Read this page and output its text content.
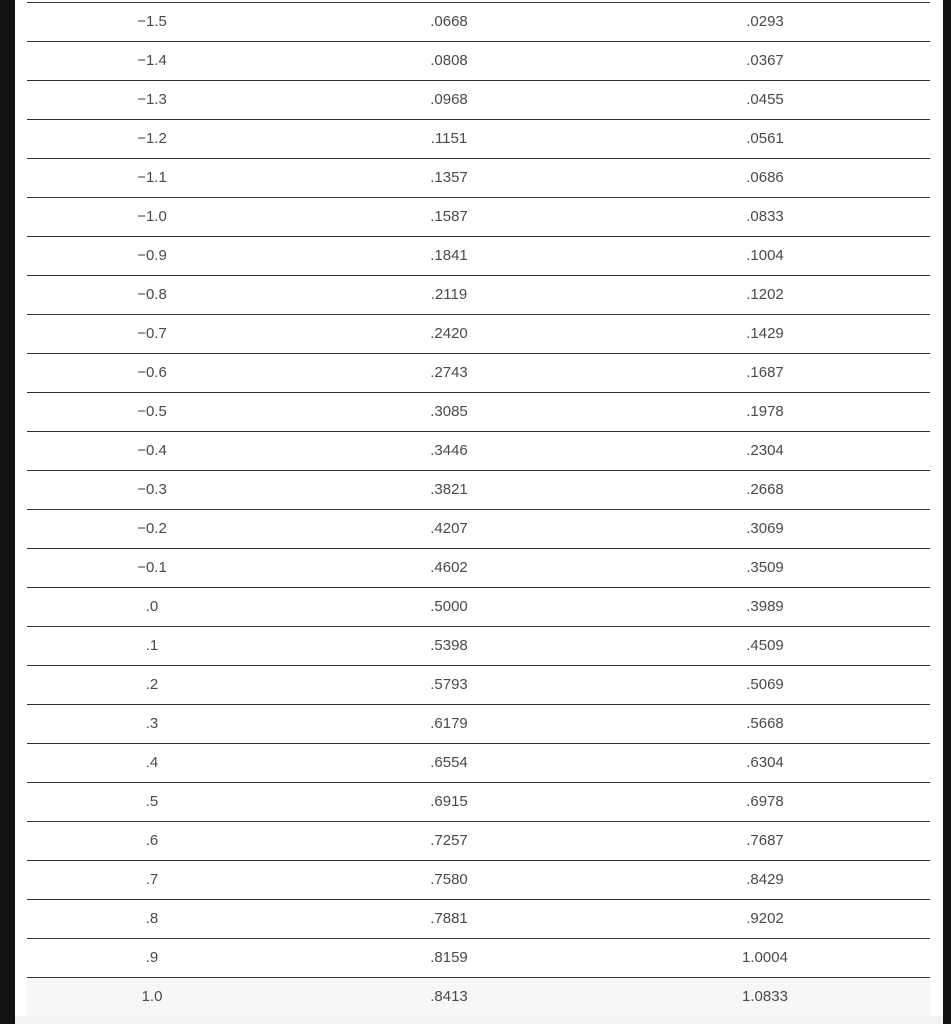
−1.5	.0668	.0293
−1.4	.0808	.0367
−1.3	.0968	.0455
−1.2	.1151	.0561
−1.1	.1357	.0686
−1.0	.1587	.0833
−0.9	.1841	.1004
−0.8	.2119	.1202
−0.7	.2420	.1429
−0.6	.2743	.1687
−0.5	.3085	.1978
−0.4	.3446	.2304
−0.3	.3821	.2668
−0.2	.4207	.3069
−0.1	.4602	.3509
.0	.5000	.3989
.1	.5398	.4509
.2	.5793	.5069
.3	.6179	.5668
.4	.6554	.6304
.5	.6915	.6978
.6	.7257	.7687
.7	.7580	.8429
.8	.7881	.9202
.9	.8159	1.0004
1.0	.8413	1.0833
